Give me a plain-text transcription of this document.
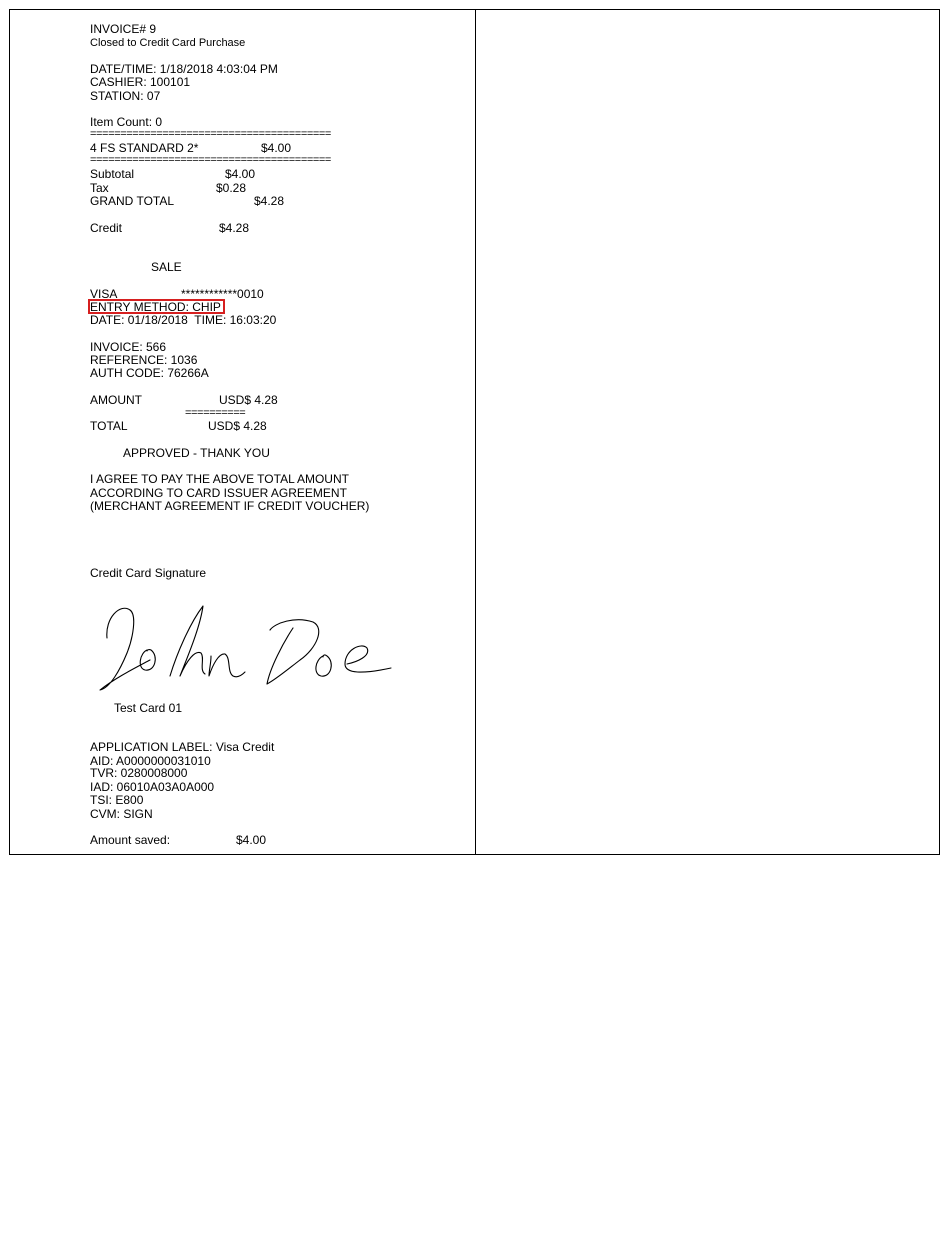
INVOICE# 9

Closed to Credit Card Purchase

DATE/TIME: 1/18/2018 4:03:04 PM

CASHIER: 100101

STATION: 07

Item Count: 0

========================================

4 FS STANDARD 2*	$4.00

========================================

Subtotal	$4.00

Tax	$0.28

GRAND TOTAL	$4.28

Credit	$4.28

SALE

VISA	************0010

ENTRY METHOD: CHIP

DATE: 01/18/2018  TIME: 16:03:20

INVOICE: 566

REFERENCE: 1036

AUTH CODE: 76266A

AMOUNT	USD$ 4.28

==========

TOTAL	USD$ 4.28

APPROVED - THANK YOU

I AGREE TO PAY THE ABOVE TOTAL AMOUNT

ACCORDING TO CARD ISSUER AGREEMENT

(MERCHANT AGREEMENT IF CREDIT VOUCHER)

Credit Card Signature

Test Card 01

APPLICATION LABEL: Visa Credit

AID: A0000000031010

TVR: 0280008000

IAD: 06010A03A0A000

TSI: E800

CVM: SIGN

Amount saved:	$4.00
